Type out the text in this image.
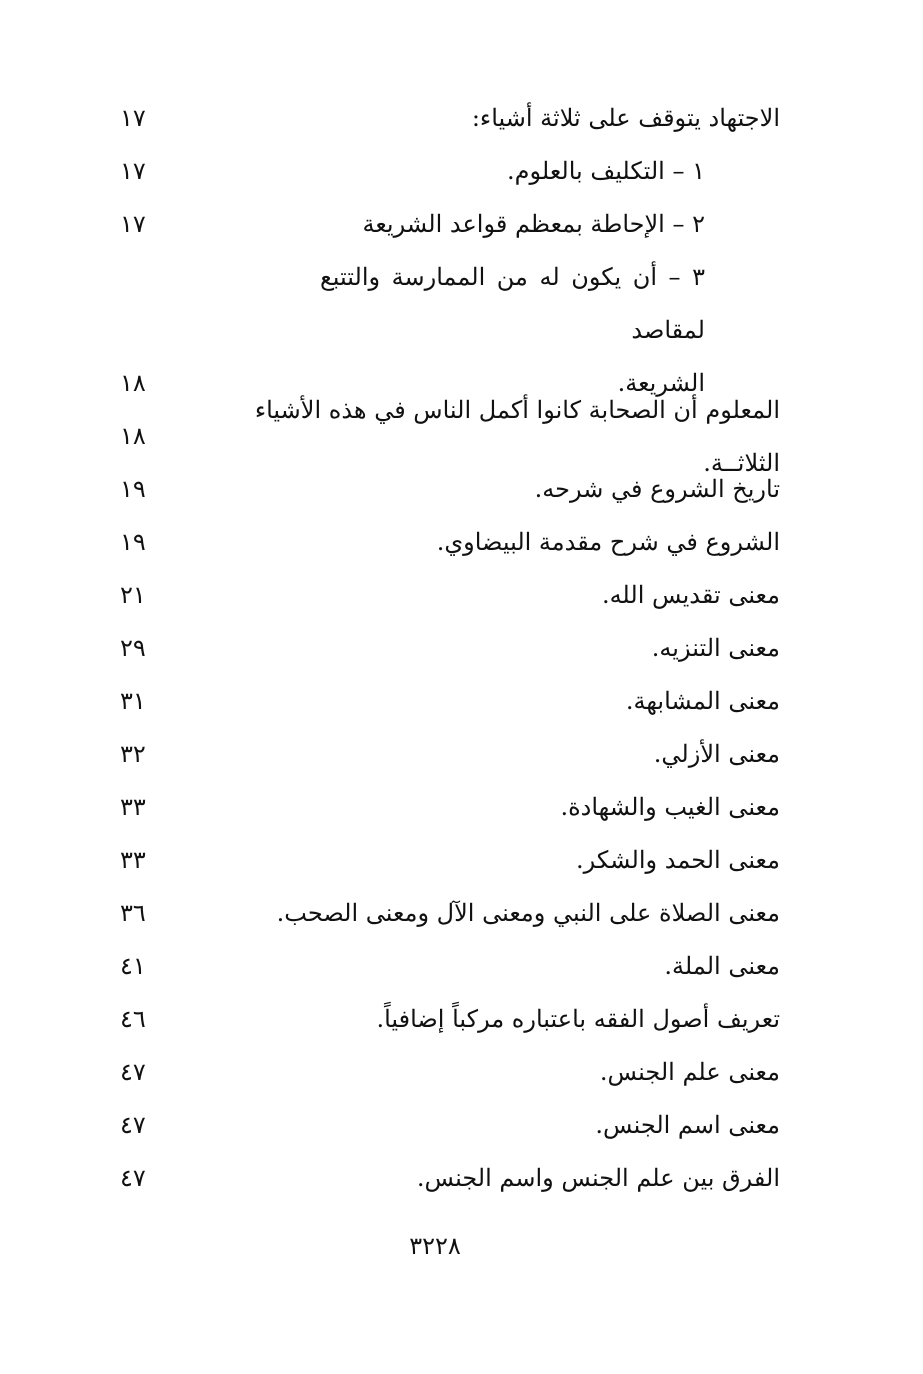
الاجتهاد يتوقف على ثلاثة أشياء:
١٧
١ – التكليف بالعلوم.
١٧
٢ – الإحاطة بمعظم قواعد الشريعة
١٧
٣ – أن يكون له من الممارسة والتتبع لمقاصد
الشريعة.
١٨
المعلوم أن الصحابة كانوا أكمل الناس في هذه الأشياء الثلاثــة.
١٨
تاريخ الشروع في شرحه.
١٩
الشروع في شرح مقدمة البيضاوي.
١٩
معنى تقديس الله.
٢١
معنى التنزيه.
٢٩
معنى المشابهة.
٣١
معنى الأزلي.
٣٢
معنى الغيب والشهادة.
٣٣
معنى الحمد والشكر.
٣٣
معنى الصلاة على النبي ومعنى الآل ومعنى الصحب.
٣٦
معنى الملة.
٤١
تعريف أصول الفقه باعتباره مركباً إضافياً.
٤٦
معنى علم الجنس.
٤٧
معنى اسم الجنس.
٤٧
الفرق بين علم الجنس واسم الجنس.
٤٧
٣٢٢٨
